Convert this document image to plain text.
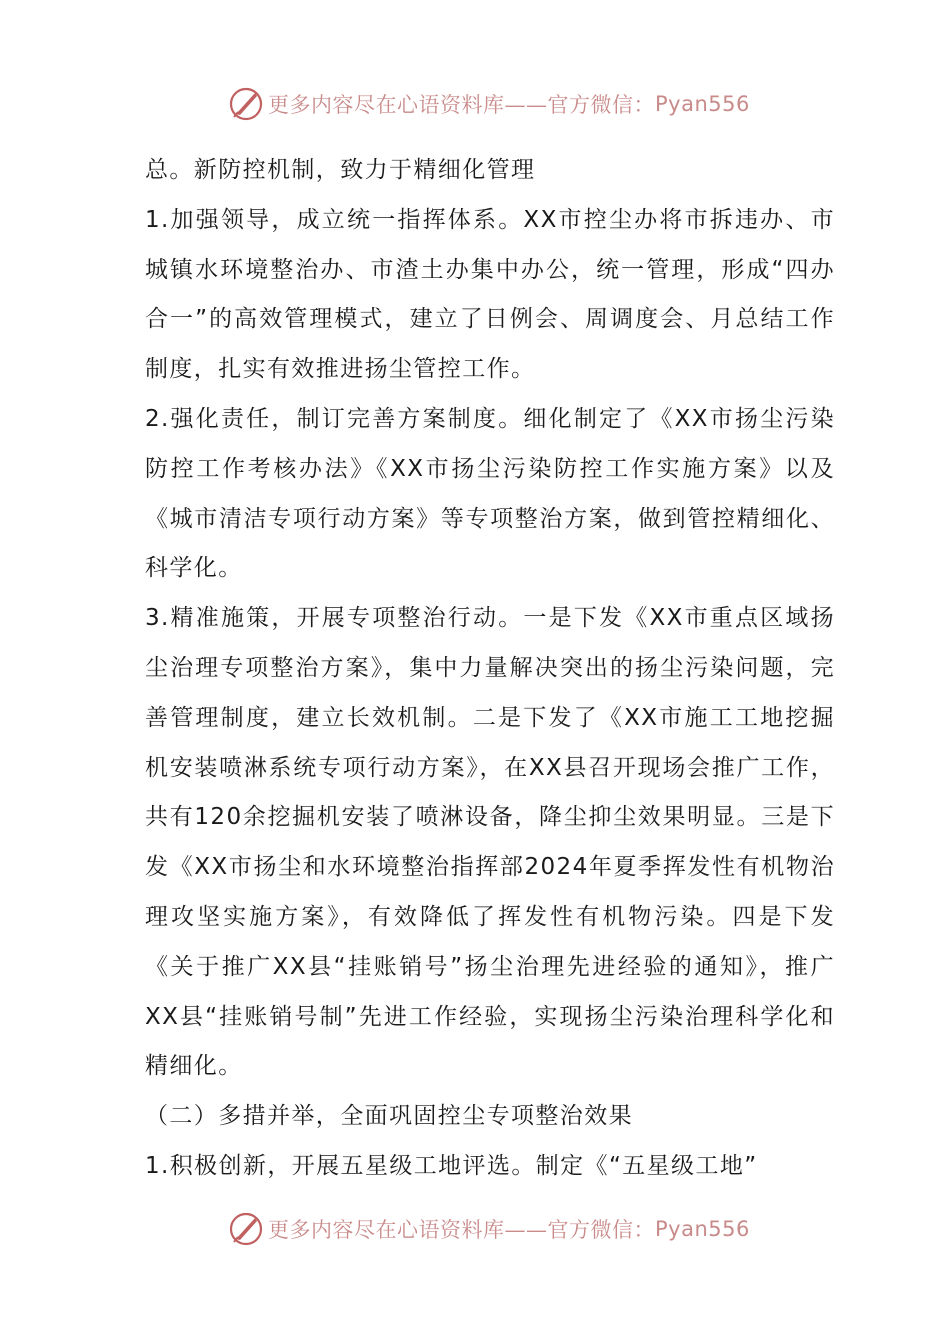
更多内容尽在心语资料库——官方微信： Pyan556

总。新防控机制，致力于精细化管理

1.加强领导，成立统一指挥体系。XX市控尘办将市拆违办、市城镇水环境整治办、市渣土办集中办公，统一管理，形成“四办合一”的高效管理模式，建立了日例会、周调度会、月总结工作制度，扎实有效推进扬尘管控工作。

2.强化责任，制订完善方案制度。细化制定了《XX市扬尘污染防控工作考核办法》《XX市扬尘污染防控工作实施方案》以及《城市清洁专项行动方案》等专项整治方案，做到管控精细化、科学化。

3.精准施策，开展专项整治行动。一是下发《XX市重点区域扬尘治理专项整治方案》，集中力量解决突出的扬尘污染问题，完善管理制度，建立长效机制。二是下发了《XX市施工工地挖掘机安装喷淋系统专项行动方案》，在XX县召开现场会推广工作，共有120余挖掘机安装了喷淋设备，降尘抑尘效果明显。三是下发《XX市扬尘和水环境整治指挥部2024年夏季挥发性有机物治理攻坚实施方案》，有效降低了挥发性有机物污染。四是下发《关于推广XX县“挂账销号”扬尘治理先进经验的通知》，推广XX县“挂账销号制”先进工作经验，实现扬尘污染治理科学化和精细化。

（二）多措并举，全面巩固控尘专项整治效果

1.积极创新，开展五星级工地评选。制定《“五星级工地”

更多内容尽在心语资料库——官方微信： Pyan556
